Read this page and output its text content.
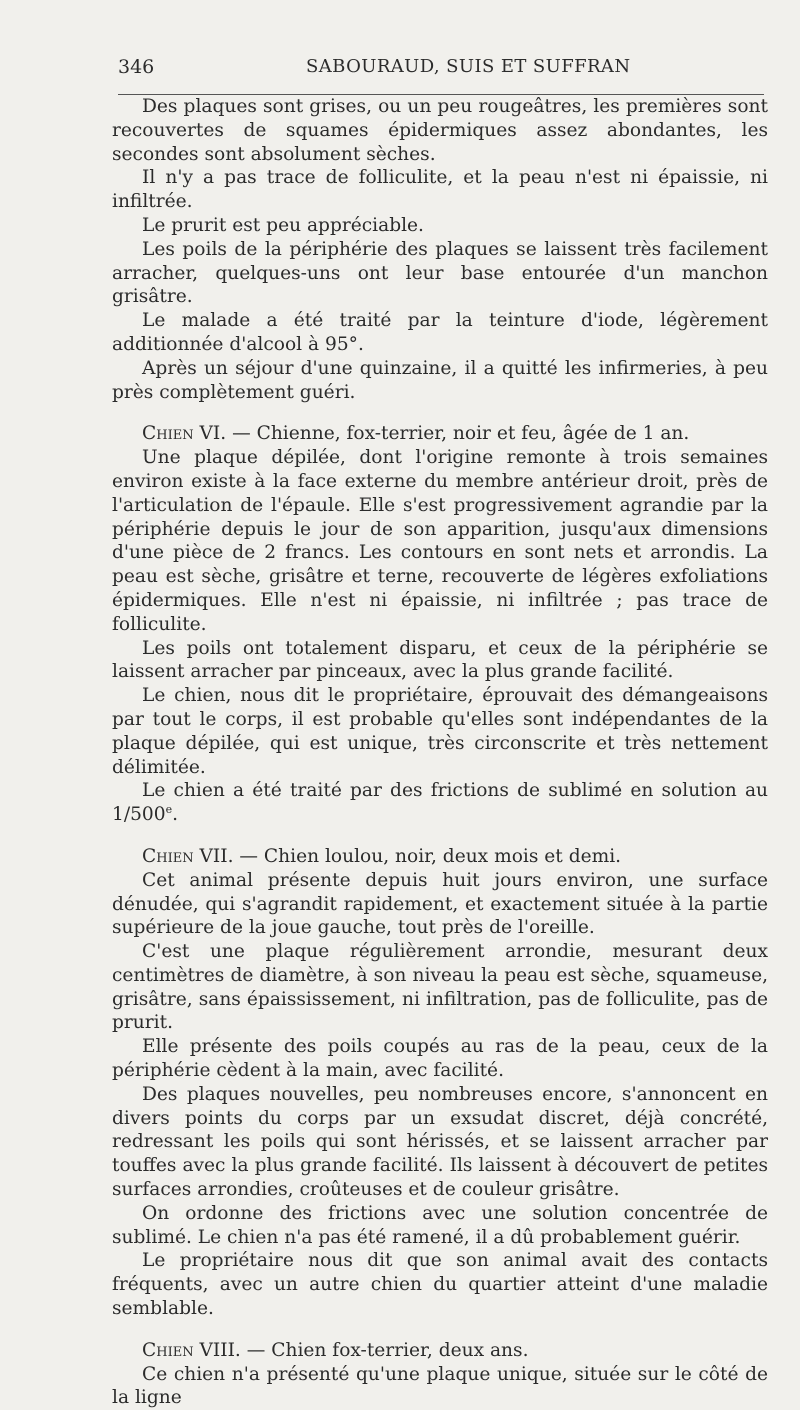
346	SABOURAUD, SUIS ET SUFFRAN

Des plaques sont grises, ou un peu rougeâtres, les premières sont recouvertes de squames épidermiques assez abondantes, les secondes sont absolument sèches.

Il n'y a pas trace de folliculite, et la peau n'est ni épaissie, ni infiltrée.

Le prurit est peu appréciable.

Les poils de la périphérie des plaques se laissent très facilement arracher, quelques-uns ont leur base entourée d'un manchon grisâtre.

Le malade a été traité par la teinture d'iode, légèrement additionnée d'alcool à 95°.

Après un séjour d'une quinzaine, il a quitté les infirmeries, à peu près complètement guéri.

Chien VI. — Chienne, fox-terrier, noir et feu, âgée de 1 an.

Une plaque dépilée, dont l'origine remonte à trois semaines environ existe à la face externe du membre antérieur droit, près de l'articulation de l'épaule. Elle s'est progressivement agrandie par la périphérie depuis le jour de son apparition, jusqu'aux dimensions d'une pièce de 2 francs. Les contours en sont nets et arrondis. La peau est sèche, grisâtre et terne, recouverte de légères exfoliations épidermiques. Elle n'est ni épaissie, ni infiltrée ; pas trace de folliculite.

Les poils ont totalement disparu, et ceux de la périphérie se laissent arracher par pinceaux, avec la plus grande facilité.

Le chien, nous dit le propriétaire, éprouvait des démangeaisons par tout le corps, il est probable qu'elles sont indépendantes de la plaque dépilée, qui est unique, très circonscrite et très nettement délimitée.

Le chien a été traité par des frictions de sublimé en solution au 1/500e.

Chien VII. — Chien loulou, noir, deux mois et demi.

Cet animal présente depuis huit jours environ, une surface dénudée, qui s'agrandit rapidement, et exactement située à la partie supérieure de la joue gauche, tout près de l'oreille.

C'est une plaque régulièrement arrondie, mesurant deux centimètres de diamètre, à son niveau la peau est sèche, squameuse, grisâtre, sans épaississement, ni infiltration, pas de folliculite, pas de prurit.

Elle présente des poils coupés au ras de la peau, ceux de la périphérie cèdent à la main, avec facilité.

Des plaques nouvelles, peu nombreuses encore, s'annoncent en divers points du corps par un exsudat discret, déjà concrété, redressant les poils qui sont hérissés, et se laissent arracher par touffes avec la plus grande facilité. Ils laissent à découvert de petites surfaces arrondies, croûteuses et de couleur grisâtre.

On ordonne des frictions avec une solution concentrée de sublimé. Le chien n'a pas été ramené, il a dû probablement guérir.

Le propriétaire nous dit que son animal avait des contacts fréquents, avec un autre chien du quartier atteint d'une maladie semblable.

Chien VIII. — Chien fox-terrier, deux ans.

Ce chien n'a présenté qu'une plaque unique, située sur le côté de la ligne
